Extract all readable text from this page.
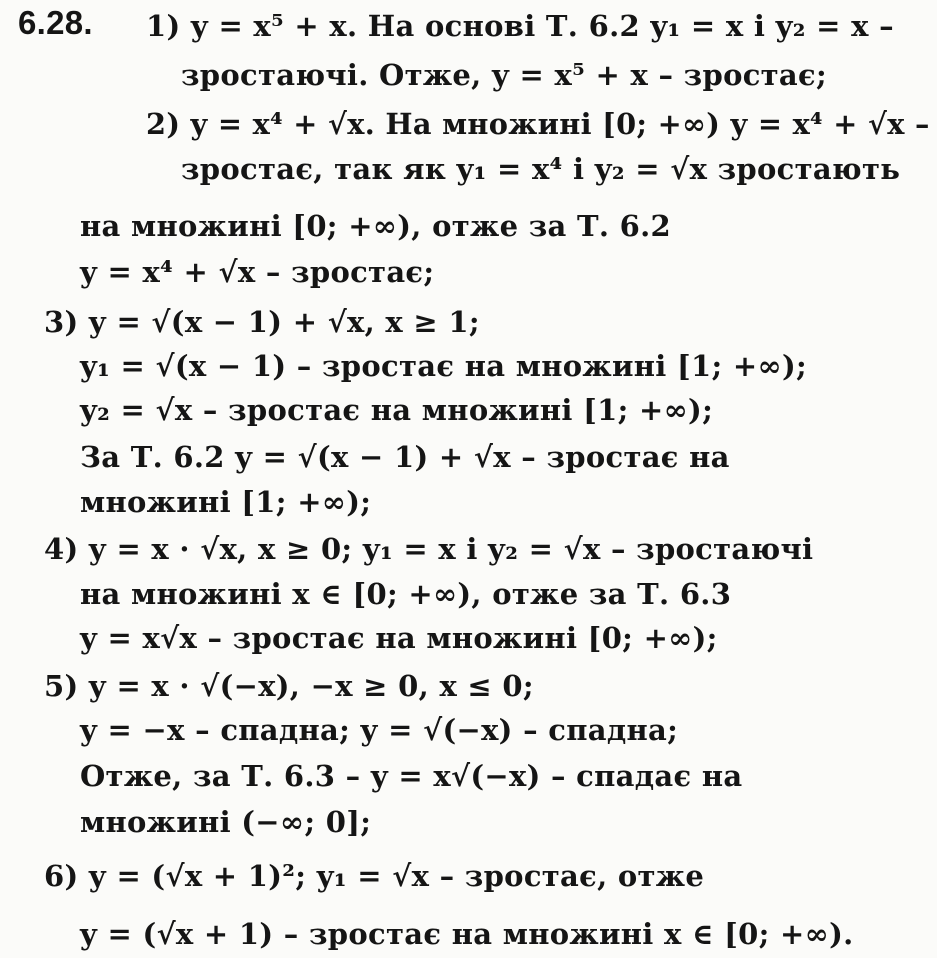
6.28. 1) y = x⁵ + x. На основі Т. 6.2 y₁ = x і y₂ = x –
зростаючі. Отже, y = x⁵ + x – зростає;
2) y = x⁴ + √x. На множині [0; +∞) y = x⁴ + √x –
зростає, так як y₁ = x⁴ і y₂ = √x зростають
на множині [0; +∞), отже за Т. 6.2
y = x⁴ + √x – зростає;
3) y = √(x − 1) + √x, x ≥ 1;
y₁ = √(x − 1) – зростає на множині [1; +∞);
y₂ = √x – зростає на множині [1; +∞);
За Т. 6.2 y = √(x − 1) + √x – зростає на
множині [1; +∞);
4) y = x · √x, x ≥ 0; y₁ = x і y₂ = √x – зростаючі
на множині x ∈ [0; +∞), отже за Т. 6.3
y = x√x – зростає на множині [0; +∞);
5) y = x · √(−x), −x ≥ 0, x ≤ 0;
y = −x – спадна; y = √(−x) – спадна;
Отже, за Т. 6.3 – y = x√(−x) – спадає на
множині (−∞; 0];
6) y = (√x + 1)²; y₁ = √x – зростає, отже
y = (√x + 1) – зростає на множині x ∈ [0; +∞).
